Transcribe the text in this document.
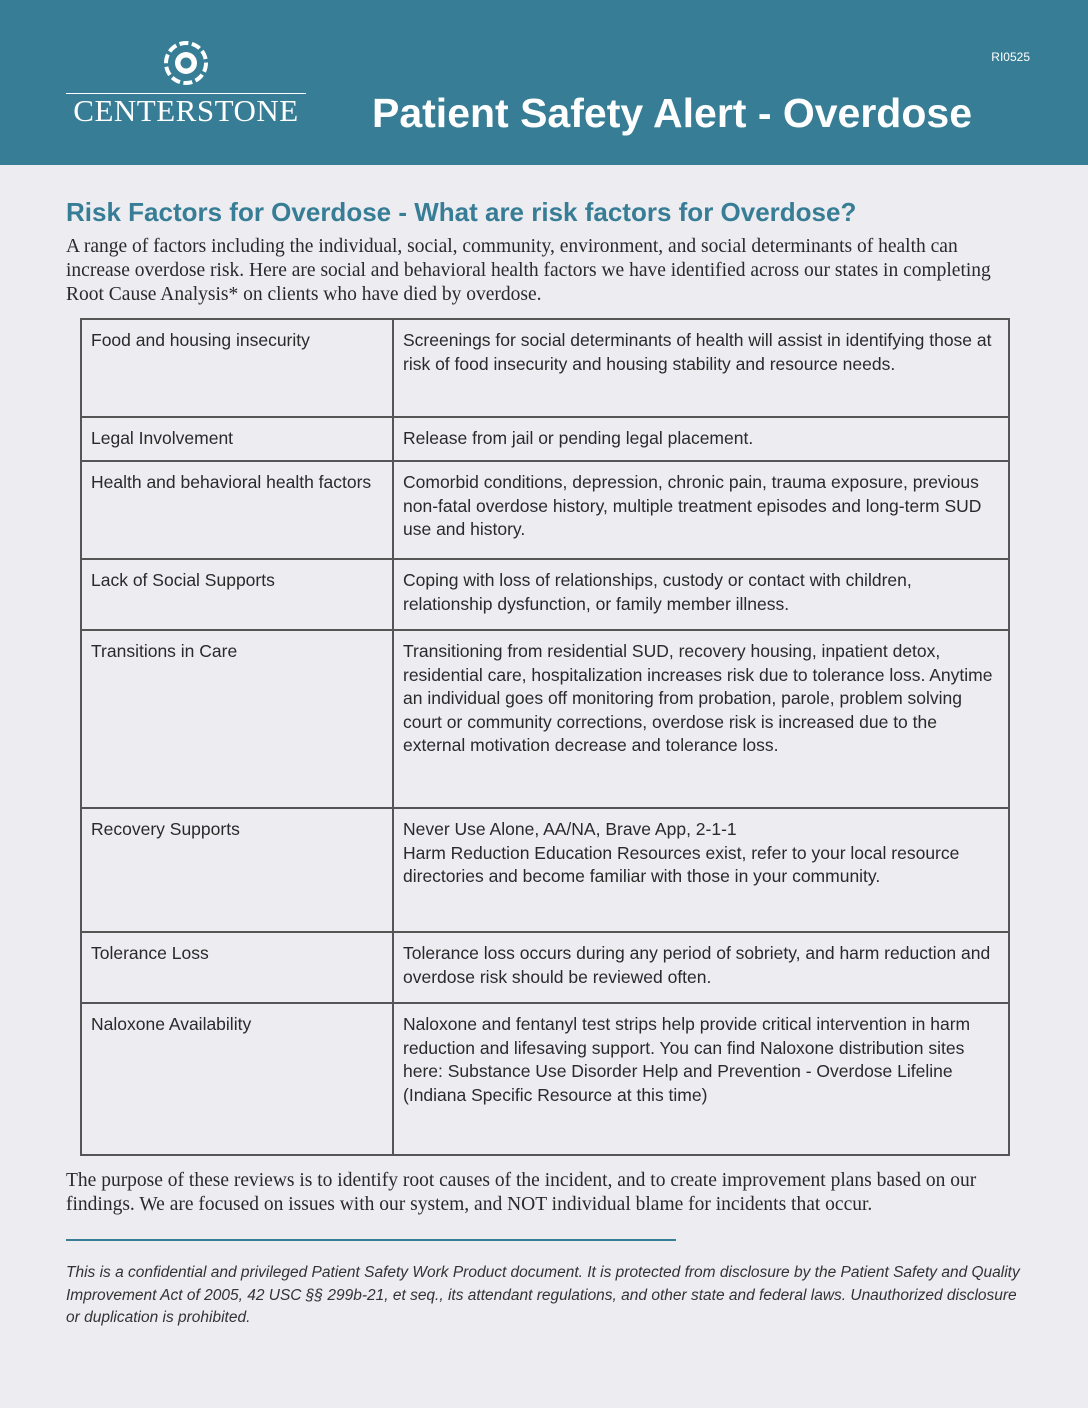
CENTERSTONE
RI0525
Patient Safety Alert - Overdose
Risk Factors for Overdose - What are risk factors for Overdose?
A range of factors including the individual, social, community, environment, and social determinants of health can increase overdose risk. Here are social and behavioral health factors we have identified across our states in completing Root Cause Analysis* on clients who have died by overdose.
Food and housing insecurity	Screenings for social determinants of health will assist in identifying those at risk of food insecurity and housing stability and resource needs.

Legal Involvement	Release from jail or pending legal placement.

Health and behavioral health factors	Comorbid conditions, depression, chronic pain, trauma exposure, previous non-fatal overdose history, multiple treatment episodes and long-term SUD use and history.

Lack of Social Supports	Coping with loss of relationships, custody or contact with children, relationship dysfunction, or family member illness.

Transitions in Care	Transitioning from residential SUD, recovery housing, inpatient detox, residential care, hospitalization increases risk due to tolerance loss. Anytime an individual goes off monitoring from probation, parole, problem solving court or community corrections, overdose risk is increased due to the external motivation decrease and tolerance loss.

Recovery Supports	Never Use Alone, AA/NA, Brave App, 2-1-1
Harm Reduction Education Resources exist, refer to your local resource directories and become familiar with those in your community.

Tolerance Loss	Tolerance loss occurs during any period of sobriety, and harm reduction and overdose risk should be reviewed often.

Naloxone Availability	Naloxone and fentanyl test strips help provide critical intervention in harm reduction and lifesaving support. You can find Naloxone distribution sites here: Substance Use Disorder Help and Prevention - Overdose Lifeline (Indiana Specific Resource at this time)
The purpose of these reviews is to identify root causes of the incident, and to create improvement plans based on our findings. We are focused on issues with our system, and NOT individual blame for incidents that occur.
This is a confidential and privileged Patient Safety Work Product document. It is protected from disclosure by the Patient Safety and Quality Improvement Act of 2005, 42 USC §§ 299b-21, et seq., its attendant regulations, and other state and federal laws. Unauthorized disclosure or duplication is prohibited.
